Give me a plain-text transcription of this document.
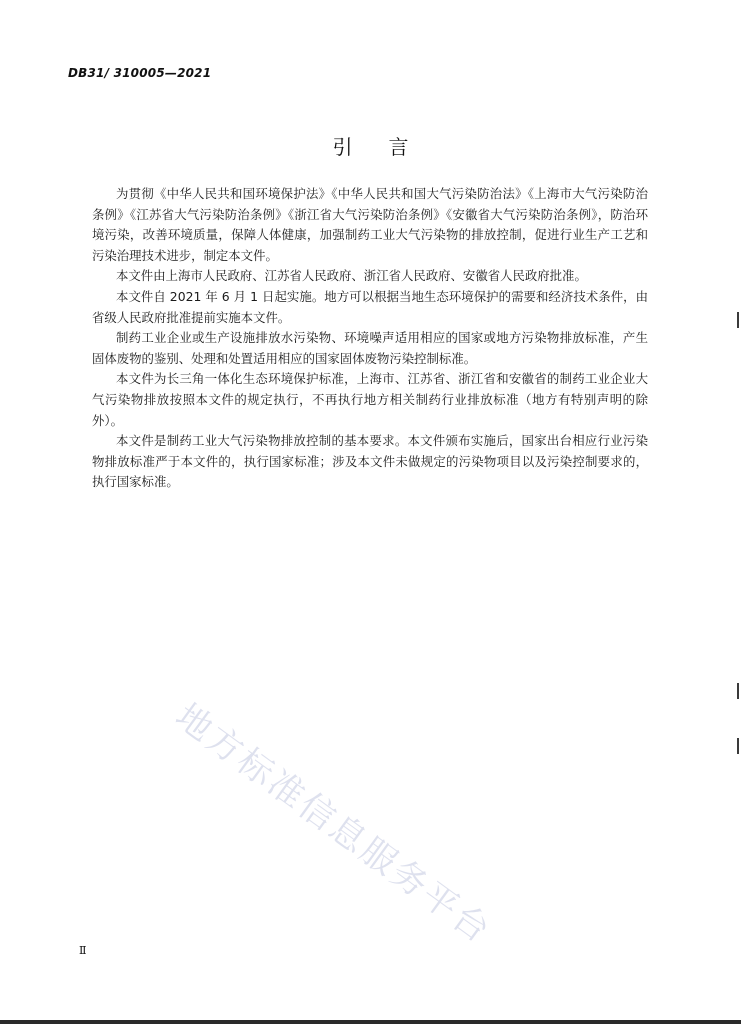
DB31/ 310005—2021
引言

为贯彻《中华人民共和国环境保护法》《中华人民共和国大气污染防治法》《上海市大气污染防治条例》《江苏省大气污染防治条例》《浙江省大气污染防治条例》《安徽省大气污染防治条例》，防治环境污染，改善环境质量，保障人体健康，加强制药工业大气污染物的排放控制，促进行业生产工艺和污染治理技术进步，制定本文件。

本文件由上海市人民政府、江苏省人民政府、浙江省人民政府、安徽省人民政府批准。

本文件自 2021 年 6 月 1 日起实施。地方可以根据当地生态环境保护的需要和经济技术条件，由省级人民政府批准提前实施本文件。

制药工业企业或生产设施排放水污染物、环境噪声适用相应的国家或地方污染物排放标准，产生固体废物的鉴别、处理和处置适用相应的国家固体废物污染控制标准。

本文件为长三角一体化生态环境保护标准，上海市、江苏省、浙江省和安徽省的制药工业企业大气污染物排放按照本文件的规定执行，不再执行地方相关制药行业排放标准（地方有特别声明的除外）。

本文件是制药工业大气污染物排放控制的基本要求。本文件颁布实施后，国家出台相应行业污染物排放标准严于本文件的，执行国家标准；涉及本文件未做规定的污染物项目以及污染控制要求的，执行国家标准。

地方标准信息服务平台
Ⅱ
